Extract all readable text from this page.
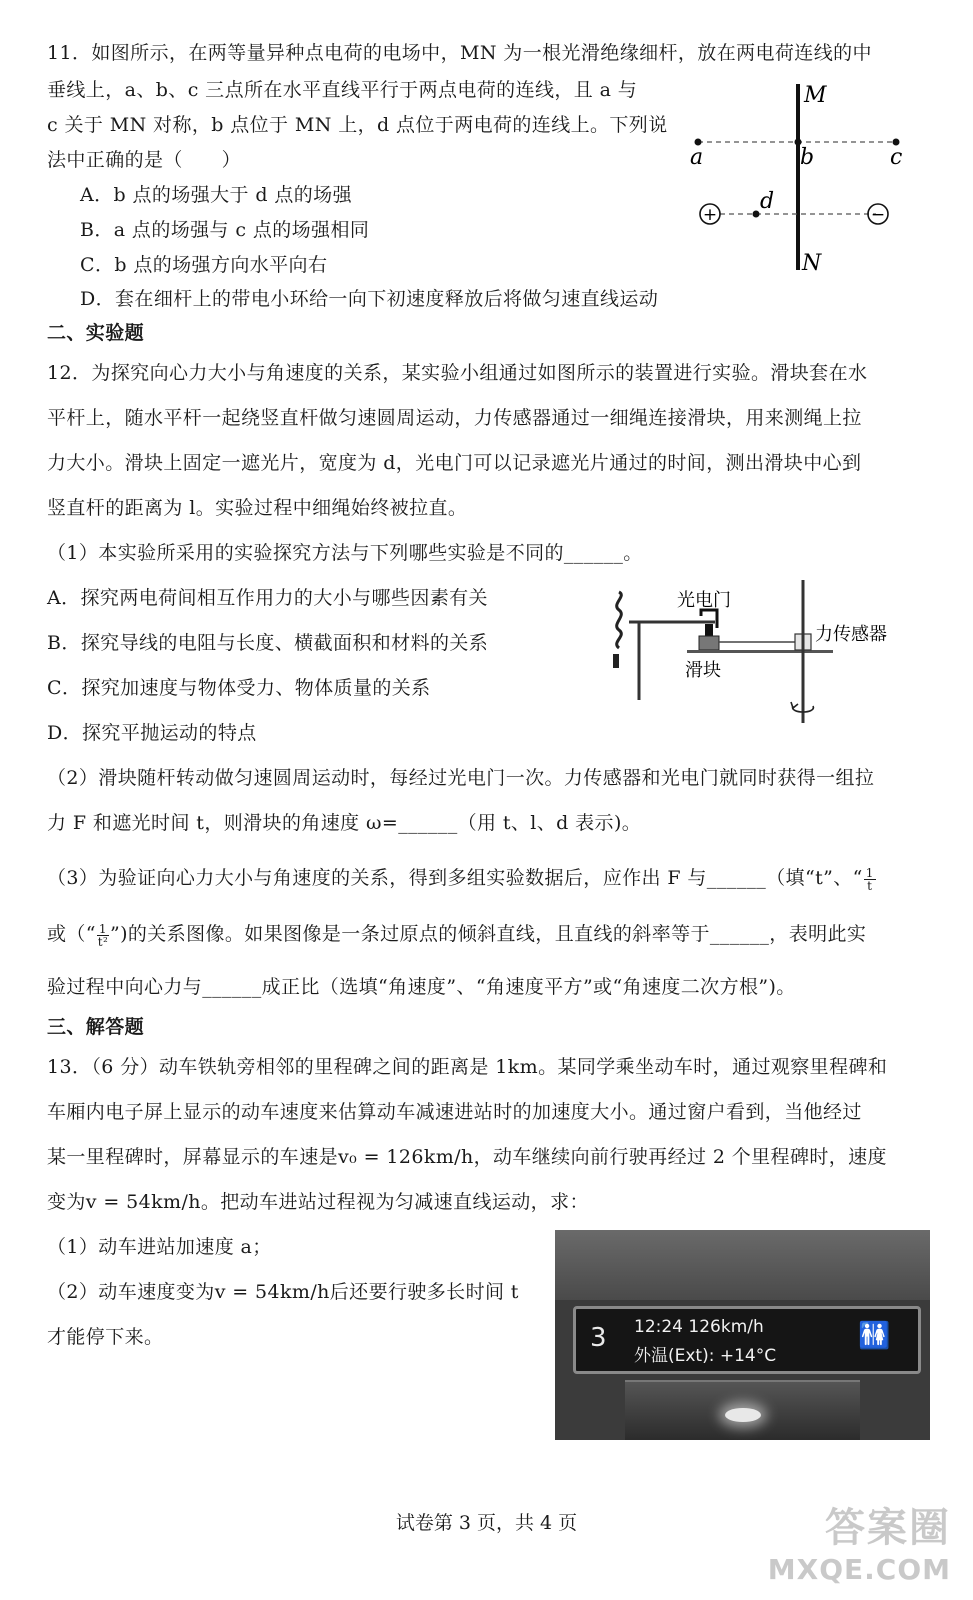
11．如图所示，在两等量异种点电荷的电场中，MN 为一根光滑绝缘细杆，放在两电荷连线的中
垂线上，a、b、c 三点所在水平直线平行于两点电荷的连线，且 a 与
c 关于 MN 对称，b 点位于 MN 上，d 点位于两电荷的连线上。下列说
法中正确的是（　　）
A．b 点的场强大于 d 点的场强
B．a 点的场强与 c 点的场强相同
C．b 点的场强方向水平向右
D．套在细杆上的带电小环给一向下初速度释放后将做匀速直线运动
+	−
M
N
a	b	c
d
二、实验题
12．为探究向心力大小与角速度的关系，某实验小组通过如图所示的装置进行实验。滑块套在水
平杆上，随水平杆一起绕竖直杆做匀速圆周运动，力传感器通过一细绳连接滑块，用来测绳上拉
力大小。滑块上固定一遮光片，宽度为 d，光电门可以记录遮光片通过的时间，测出滑块中心到
竖直杆的距离为 l。实验过程中细绳始终被拉直。
（1）本实验所采用的实验探究方法与下列哪些实验是不同的______。
A．探究两电荷间相互作用力的大小与哪些因素有关
B．探究导线的电阻与长度、横截面积和材料的关系
C．探究加速度与物体受力、物体质量的关系
D．探究平抛运动的特点
光电门
力传感器
滑块
（2）滑块随杆转动做匀速圆周运动时，每经过光电门一次。力传感器和光电门就同时获得一组拉
力 F 和遮光时间 t，则滑块的角速度 ω=______（用 t、l、d 表示)。
（3）为验证向心力大小与角速度的关系，得到多组实验数据后，应作出 F 与______（填“t”、“ $\frac{1}{t}$
或（“ $\frac{1}{\text{t²}}$ ”)的关系图像。如果图像是一条过原点的倾斜直线，且直线的斜率等于______，表明此实
验过程中向心力与______成正比（选填“角速度”、“角速度平方”或“角速度二次方根”)。
三、解答题
13．（6 分）动车铁轨旁相邻的里程碑之间的距离是 1km。某同学乘坐动车时，通过观察里程碑和
车厢内电子屏上显示的动车速度来估算动车减速进站时的加速度大小。通过窗户看到，当他经过
某一里程碑时，屏幕显示的车速是v₀ = 126km/h，动车继续向前行驶再经过 2 个里程碑时，速度
变为v = 54km/h。把动车进站过程视为匀减速直线运动，求：
（1）动车进站加速度 a；
（2）动车速度变为v = 54km/h后还要行驶多长时间 t
才能停下来。	3 12:24 126km/h
外温(Ext): +14°C
🚻
试卷第 3 页，共 4 页	答案圈
MXQE.COM
